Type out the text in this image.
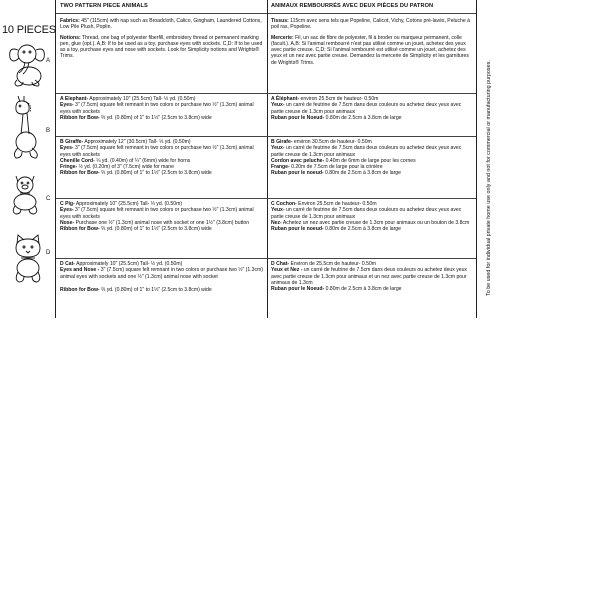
10 PIECES
A
B
C
D
TWO PATTERN PIECE ANIMALS

Fabrics: 45" (115cm) with nap such as Broadcloth, Calico, Gingham, Laundered Cottons, Low Pile Plush, Poplin.

Notions: Thread, one bag of polyester fiberfill, embroidery thread or permanent marking pen, glue (opt.). A,B: If to be used as a toy, purchase eyes with sockets. C,D: If to be used as a toy, purchase eyes and nose with sockets. Look for Simplicity notions and Wrights® Trims.

A Elephant- Approximately 10" (25.5cm) Tall- ½ yd. (0.50m)

Eyes- 3" (7.5cm) square felt remnant in two colors or purchase two ½" (1.3cm) animal eyes with sockets

Ribbon for Bow- ⅔ yd. (0.80m) of 1" to 1½" (2.5cm to 3.8cm) wide

B Giraffe- Approximately 12" (30.5cm) Tall- ⅓ yd. (0.50m)

Eyes- 3" (7.5cm) square felt remnant in two colors or purchase two ½" (1.3cm) animal eyes with sockets

Chenille Cord- ¼ yd. (0.40m) of ¼" (6mm) wide for horns

Fringe- ½ yd. (0.20m) of 3" (7.5cm) wide for mane

Ribbon for Bow- ⅔ yd. (0.80m) of 1" to 1½" (2.5cm to 3.8cm) wide

C Pig- Approximately 10" (25.5cm) Tall- ⅓ yd. (0.50m)

Eyes- 3" (7.5cm) square felt remnant in two colors or purchase two ½" (1.3cm) animal eyes with sockets

Nose- Purchase one ½" (1.3cm) animal nose with socket or one 1½" (3.8cm) button

Ribbon for Bow- ⅔ yd. (0.80m) of 1" to 1½" (2.5cm to 3.8cm) wide

D Cat- Approximately 10" (25.5cm) Tall- ½ yd. (0.50m)

Eyes and Nose - 3" (7.5cm) square felt remnant in two colors or purchase two ½" (1.3cm) animal eyes with sockets and one ½" (1.3cm) animal nose with socket

Ribbon for Bow- ⅔ yd. (0.80m) of 1" to 1½" (2.5cm to 3.8cm) wide

ANIMAUX REMBOURRÉS AVEC DEUX PIÈCES DU PATRON

Tissus: 115cm avec sens tels que Popeline, Calicot, Vichy, Cotons pré-lavés, Peluche à poil ras, Popeline.

Mercerie: Fil, un sac de fibre de polyester, fil à broder ou marqueur permanent, colle (facult.). A,B: Si l'animal rembourré n'est pas utilisé comme un jouet, achetez des yeux avec partie creuse. C,D: Si l'animal rembourré est utilisé comme un jouet, achetez des yeux et un nez avec partie creuse. Demandez la mercerie de Simplicity et les garnitures de Wrights® Trims.

A Éléphant- environ 25.5cm de hauteur- 0.50m

Yeux- un carré de feutrine de 7.5cm dans deux couleurs ou achetez deux yeux avec partie creuse de 1.3cm pour animaux

Ruban pour le Noeud- 0.80m de 2.5cm à 3.8cm de large

B Girafe- environ 30.5cm de hauteur- 0.50m

Yeux- un carré de feutrine de 7.5cm dans deux couleurs ou achetez deux yeux avec partie creuse de 1.3cm pour animaux

Cordon avec peluche- 0.40m de 6mm de large pour les cornes

Frange- 0.20m de 7.5cm de large pour la crinière

Ruban pour le noeud- 0.80m de 2.5cm à 3.8cm de large

C Cochon- Environ 25.5cm de hauteur- 0.50m

Yeux- un carré de feutrine de 7.5cm dans deux couleurs ou achetez deux yeux avec partie creuse de 1.3cm pour animaux

Nez- Achetez un nez avec partie creuse de 1.3cm pour animaux ou un bouton de 3.8cm

Ruban pour le noeud- 0.80m de 2.5cm à 3.8cm de large

D Chat- Environ de 25.5cm de hauteur- 0.50m

Yeux et Nez - un carré de feutrine de 7.5cm dans deux couleurs ou achetez deux yeux avec partie creuse de 1.3cm pour animaux et un nez avec partie creuse de 1.3cm pour animaux de 1.3cm

Ruban pour le Noeud- 0.80m de 2.5cm à 3.8cm de large	To be used for individual private home use only and not for commercial or manufacturing purposes.
